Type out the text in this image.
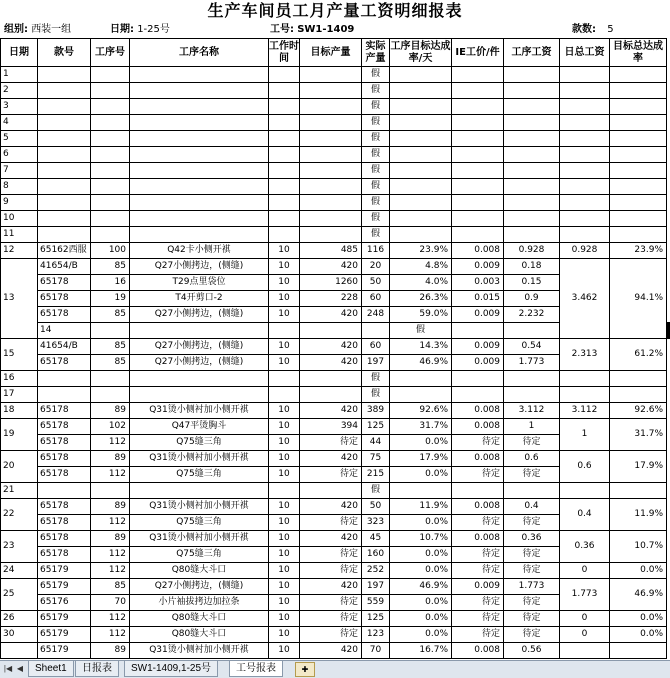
生产车间员工月产量工资明细报表
组别: 西装一组	日期: 1-25号	工号: SW1-1409	款数: 5
日期	款号	工序号	工序名称	工作时间	目标产量	实际产量	工序目标达成率/天	IE工价/件	工序工资	日总工资	目标总达成率		
1						假							
2						假							
3						假							
4						假							
5						假							
6						假							
7						假							
8						假							
9						假							
10						假							
11						假							
12	65162西服	100	Q42卡小侧开褀	10	485	116	23.9%	0.008	0.928	0.928	23.9%		
13	41654/B	85	Q27小侧拷边，(侧缝)	10	420	20	4.8%	0.009	0.18	3.462	94.1%		
	65178	16	T29点里袋位	10	1260	50	4.0%	0.003	0.15				
	65178	19	T4开剪口-2	10	228	60	26.3%	0.015	0.9				
	65178	85	Q27小侧拷边，(侧缝)	10	420	248	59.0%	0.009	2.232				
	14						假						
15	41654/B	85	Q27小侧拷边，(侧缝)	10	420	60	14.3%	0.009	0.54	2.313	61.2%		
	65178	85	Q27小侧拷边，(侧缝)	10	420	197	46.9%	0.009	1.773				
16						假							
17						假							
18	65178	89	Q31烫小侧衬加小侧开褀	10	420	389	92.6%	0.008	3.112	3.112	92.6%		
19	65178	102	Q47平烫胸斗	10	394	125	31.7%	0.008	1	1	31.7%		
	65178	112	Q75缝三角	10	待定	44	0.0%	待定	待定				
20	65178	89	Q31烫小侧衬加小侧开褀	10	420	75	17.9%	0.008	0.6	0.6	17.9%		
	65178	112	Q75缝三角	10	待定	215	0.0%	待定	待定				
21						假							
22	65178	89	Q31烫小侧衬加小侧开褀	10	420	50	11.9%	0.008	0.4	0.4	11.9%		
	65178	112	Q75缝三角	10	待定	323	0.0%	待定	待定				
23	65178	89	Q31烫小侧衬加小侧开褀	10	420	45	10.7%	0.008	0.36	0.36	10.7%		
	65178	112	Q75缝三角	10	待定	160	0.0%	待定	待定				
24	65179	112	Q80缝大斗口	10	待定	252	0.0%	待定	待定	0	0.0%		
25	65179	85	Q27小侧拷边，(侧缝)	10	420	197	46.9%	0.009	1.773	1.773	46.9%		
	65176	70	小片袖拔拷边加拉条	10	待定	559	0.0%	待定	待定				
26	65179	112	Q80缝大斗口	10	待定	125	0.0%	待定	待定	0	0.0%		
30	65179	112	Q80缝大斗口	10	待定	123	0.0%	待定	待定	0	0.0%		
	65179	89	Q31烫小侧衬加小侧开褀	10	420	70	16.7%	0.008	0.56				
|◀ ◀	Sheet1	日报表	SW1-1409,1-25号	工号报表	✚
